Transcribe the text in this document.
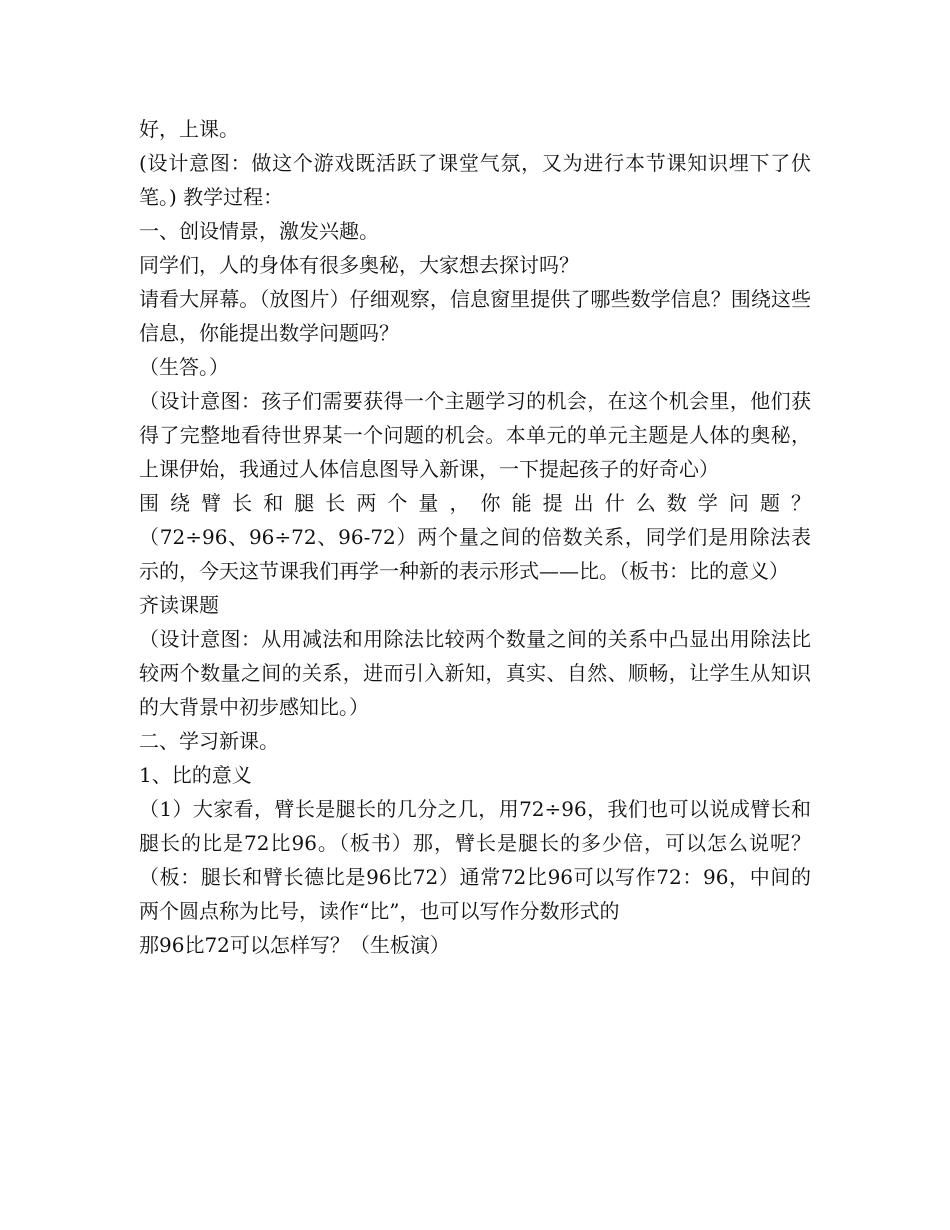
好，上课。

(设计意图：做这个游戏既活跃了课堂气氛，又为进行本节课知识埋下了伏笔。) 教学过程：

一、创设情景，激发兴趣。

同学们，人的身体有很多奥秘，大家想去探讨吗？

请看大屏幕。（放图片）仔细观察，信息窗里提供了哪些数学信息？围绕这些信息，你能提出数学问题吗？

（生答。）

（设计意图：孩子们需要获得一个主题学习的机会，在这个机会里，他们获得了完整地看待世界某一个问题的机会。本单元的单元主题是人体的奥秘，上课伊始，我通过人体信息图导入新课，一下提起孩子的好奇心）

围绕臂长和腿长两个量，你能提出什么数学问题？

（72÷96、96÷72、96-72）两个量之间的倍数关系，同学们是用除法表示的，今天这节课我们再学一种新的表示形式——比。（板书：比的意义）

齐读课题

（设计意图：从用减法和用除法比较两个数量之间的关系中凸显出用除法比较两个数量之间的关系，进而引入新知，真实、自然、顺畅，让学生从知识的大背景中初步感知比。）

二、学习新课。

1、比的意义

（1）大家看，臂长是腿长的几分之几，用72÷96，我们也可以说成臂长和腿长的比是72比96。（板书）那，臂长是腿长的多少倍，可以怎么说呢？（板：腿长和臂长德比是96比72）通常72比96可以写作72：96，中间的两个圆点称为比号，读作“比”，也可以写作分数形式的

那96比72可以怎样写？（生板演）
